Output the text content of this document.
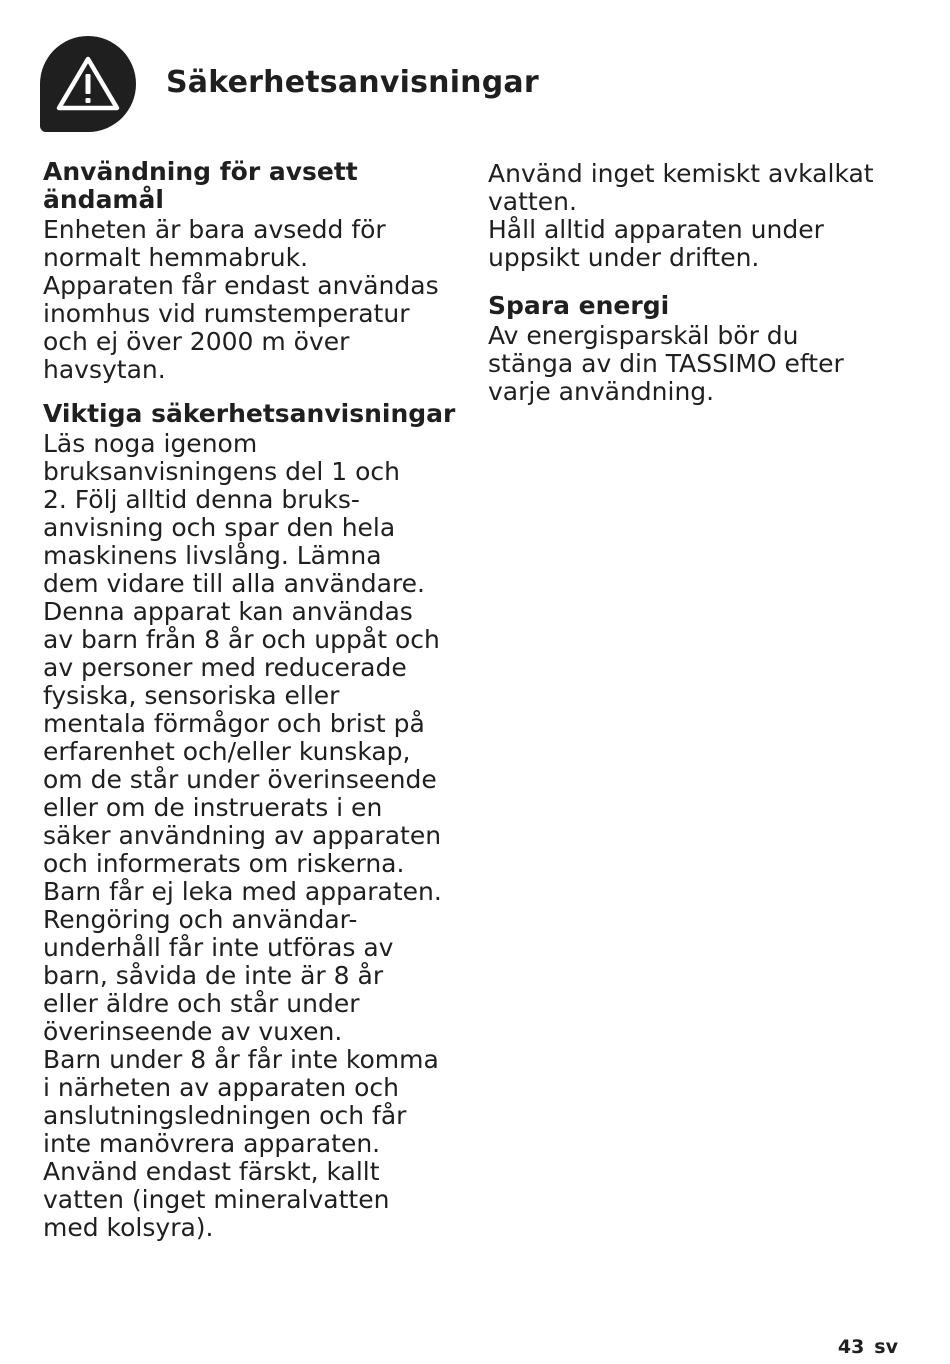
Säkerhetsanvisningar

Användning för avsett
ändamål

Enheten är bara avsedd för
normalt hemmabruk.
Apparaten får endast användas
inomhus vid rumstemperatur
och ej över 2000 m över
havsytan.

Viktiga säkerhetsanvisningar

Läs noga igenom
bruksanvisningens del 1 och
2. Följ alltid denna bruks-
anvisning och spar den hela
maskinens livslång. Lämna
dem vidare till alla användare.
Denna apparat kan användas
av barn från 8 år och uppåt och
av personer med reducerade
fysiska, sensoriska eller
mentala förmågor och brist på
erfarenhet och/eller kunskap,
om de står under överinseende
eller om de instruerats i en
säker användning av apparaten
och informerats om riskerna.
Barn får ej leka med apparaten.
Rengöring och användar-
underhåll får inte utföras av
barn, såvida de inte är 8 år
eller äldre och står under
överinseende av vuxen.
Barn under 8 år får inte komma
i närheten av apparaten och
anslutningsledningen och får
inte manövrera apparaten.
Använd endast färskt, kallt
vatten (inget mineralvatten
med kolsyra).

Använd inget kemiskt avkalkat
vatten.
Håll alltid apparaten under
uppsikt under driften.

Spara energi

Av energisparskäl bör du
stänga av din TASSIMO efter
varje användning.

43 sv
